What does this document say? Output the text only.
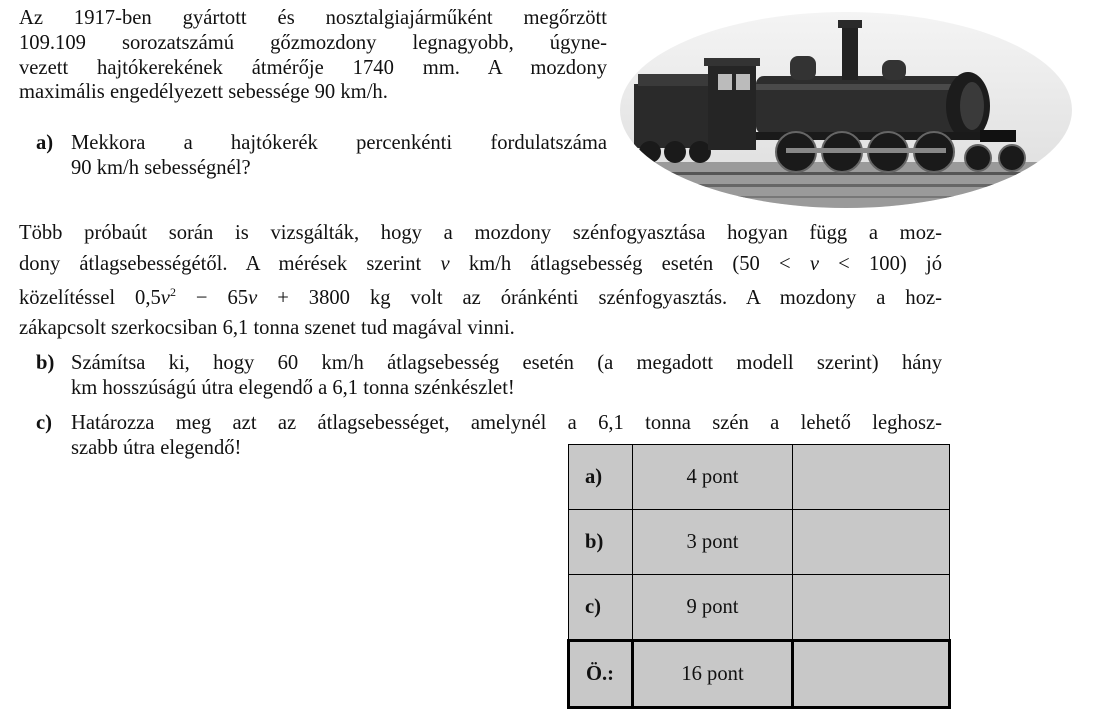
Az 1917-ben gyártott és nosztalgiajárműként megőrzött
109.109 sorozatszámú gőzmozdony legnagyobb, úgyne-
vezett hajtókerekének átmérője 1740 mm. A mozdony
maximális engedélyezett sebessége 90 km/h.
a) Mekkora a hajtókerék percenkénti fordulatszáma
90 km/h sebességnél?
Több próbaút során is vizsgálták, hogy a mozdony szénfogyasztása hogyan függ a moz-
dony átlagsebességétől. A mérések szerint v km/h átlagsebesség esetén (50 < v < 100) jó
közelítéssel $0,5v^2 - 65v + 3800$ kg volt az óránkénti szénfogyasztás. A mozdony a hoz-
zákapcsolt szerkocsiban 6,1 tonna szenet tud magával vinni.
b) Számítsa ki, hogy 60 km/h átlagsebesség esetén (a megadott modell szerint) hány
km hosszúságú útra elegendő a 6,1 tonna szénkészlet!
c) Határozza meg azt az átlagsebességet, amelynél a 6,1 tonna szén a lehető leghosz-
szabb útra elegendő!
a)	4 pont	
b)	3 pont	
c)	9 pont	
Ö.:	16 pont	
